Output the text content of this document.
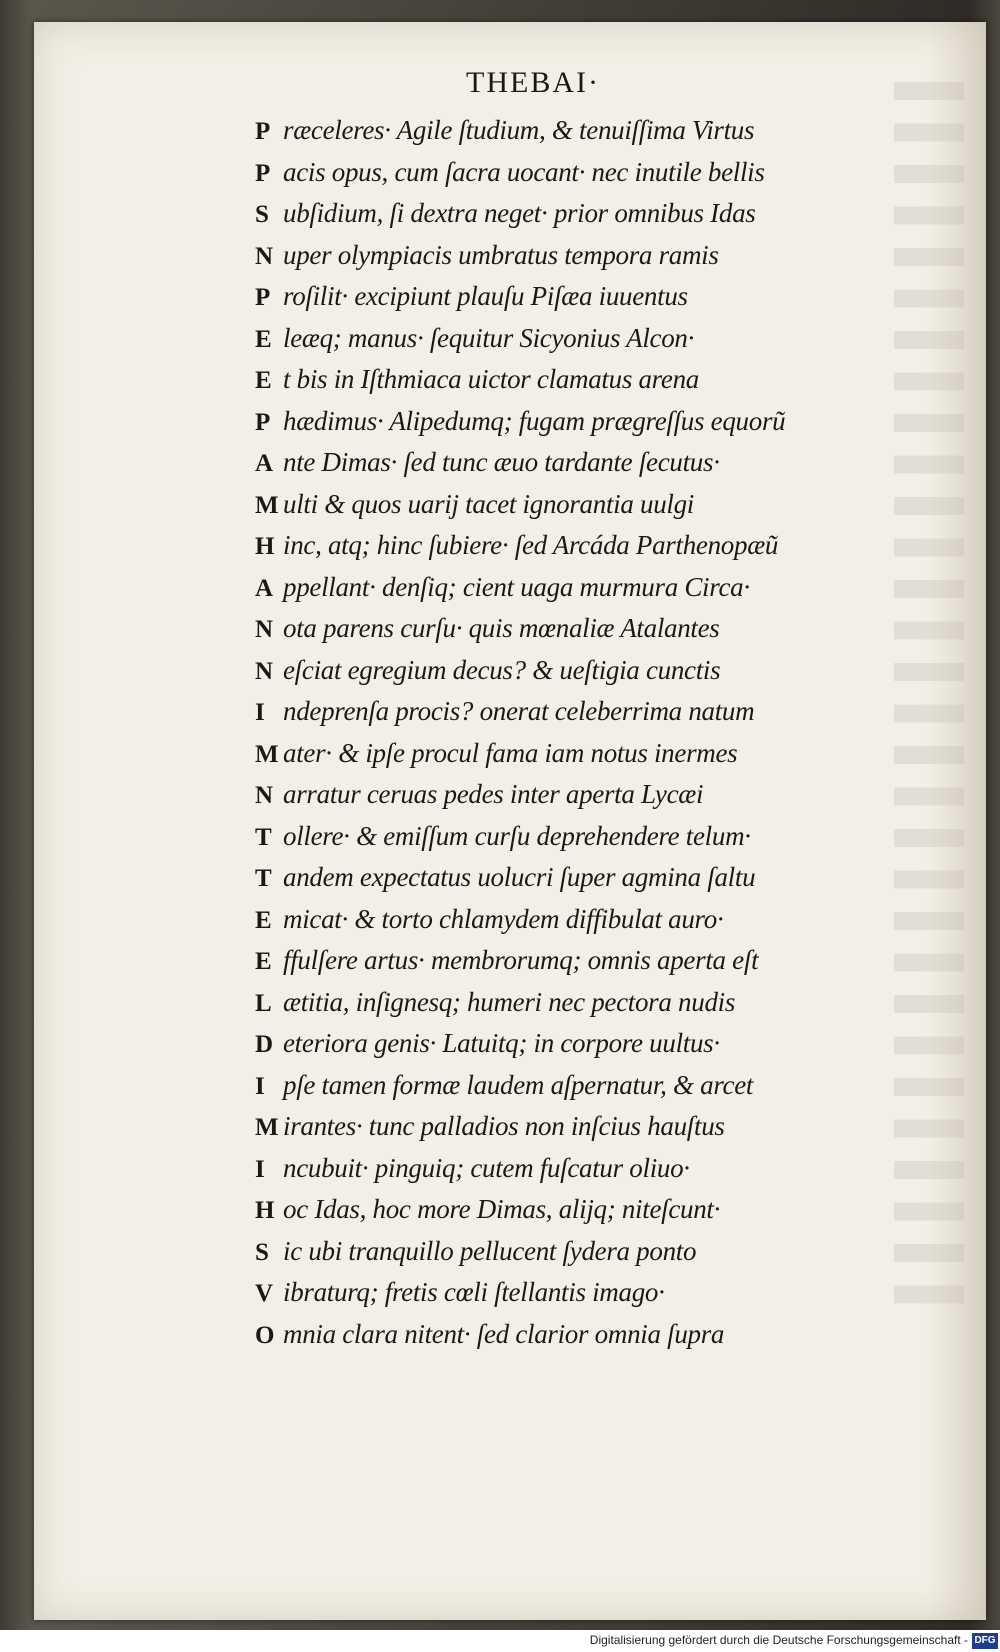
THEBAI·
P ræceleres· Agile ſtudium, & tenuiſſima Virtus
P acis opus, cum ſacra uocant· nec inutile bellis
S ubſidium, ſi dextra neget· prior omnibus Idas
N uper olympiacis umbratus tempora ramis
P roſilit· excipiunt plauſu Piſæa iuuentus
E leæq; manus· ſequitur Sicyonius Alcon·
E t bis in Iſthmiaca uictor clamatus arena
P hædimus· Alipedumq; fugam prægreſſus equorũ
A nte Dimas· ſed tunc æuo tardante ſecutus·
M ulti & quos uarij tacet ignorantia uulgi
H inc, atq; hinc ſubiere· ſed Arcáda Parthenopæũ
A ppellant· denſiq; cient uaga murmura Circa·
N ota parens curſu· quis mœnaliæ Atalantes
N eſciat egregium decus? & ueſtigia cunctis
I ndeprenſa procis? onerat celeberrima natum
M ater· & ipſe procul fama iam notus inermes
N arratur ceruas pedes inter aperta Lycæi
T ollere· & emiſſum curſu deprehendere telum·
T andem expectatus uolucri ſuper agmina ſaltu
E micat· & torto chlamydem diffibulat auro·
E ffulſere artus· membrorumq; omnis aperta eſt
L ætitia, inſignesq; humeri nec pectora nudis
D eteriora genis· Latuitq; in corpore uultus·
I pſe tamen formæ laudem aſpernatur, & arcet
M irantes· tunc palladios non inſcius hauſtus
I ncubuit· pinguiq; cutem fuſcatur oliuo·
H oc Idas, hoc more Dimas, alijq; niteſcunt·
S ic ubi tranquillo pellucent ſydera ponto
V ibraturq; fretis cœli ſtellantis imago·
O mnia clara nitent· ſed clarior omnia ſupra
Digitalisierung gefördert durch die Deutsche Forschungsgemeinschaft - DFG
